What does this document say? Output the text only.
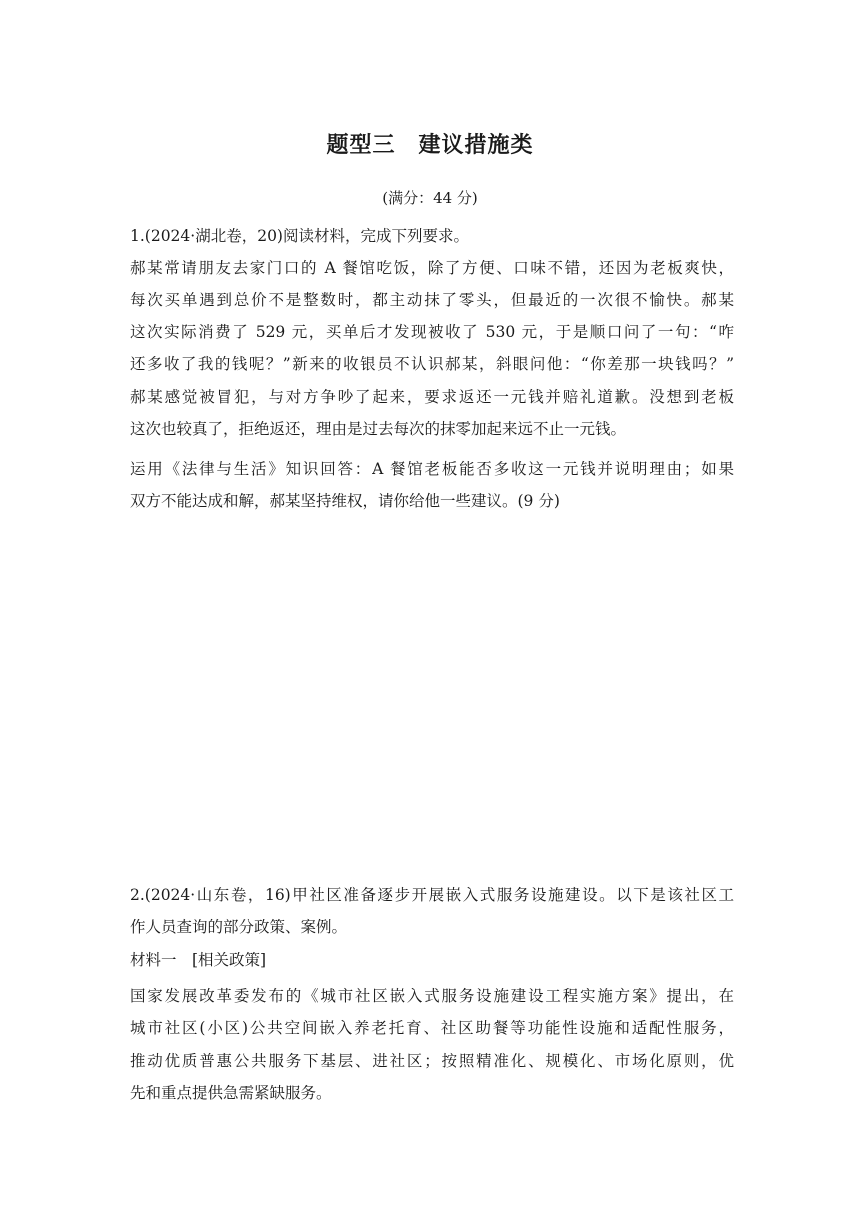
题型三　建议措施类
(满分：44 分)
1.(2024·湖北卷，20)阅读材料，完成下列要求。
郝某常请朋友去家门口的 A 餐馆吃饭，除了方便、口味不错，还因为老板爽快，
每次买单遇到总价不是整数时，都主动抹了零头，但最近的一次很不愉快。郝某
这次实际消费了 529 元，买单后才发现被收了 530 元，于是顺口问了一句：“咋
还多收了我的钱呢？”新来的收银员不认识郝某，斜眼问他：“你差那一块钱吗？”
郝某感觉被冒犯，与对方争吵了起来，要求返还一元钱并赔礼道歉。没想到老板
这次也较真了，拒绝返还，理由是过去每次的抹零加起来远不止一元钱。
运用《法律与生活》知识回答：A 餐馆老板能否多收这一元钱并说明理由；如果
双方不能达成和解，郝某坚持维权，请你给他一些建议。(9 分)
2.(2024·山东卷，16)甲社区准备逐步开展嵌入式服务设施建设。以下是该社区工
作人员查询的部分政策、案例。
材料一　[相关政策]
国家发展改革委发布的《城市社区嵌入式服务设施建设工程实施方案》提出，在
城市社区(小区)公共空间嵌入养老托育、社区助餐等功能性设施和适配性服务，
推动优质普惠公共服务下基层、进社区；按照精准化、规模化、市场化原则，优
先和重点提供急需紧缺服务。
